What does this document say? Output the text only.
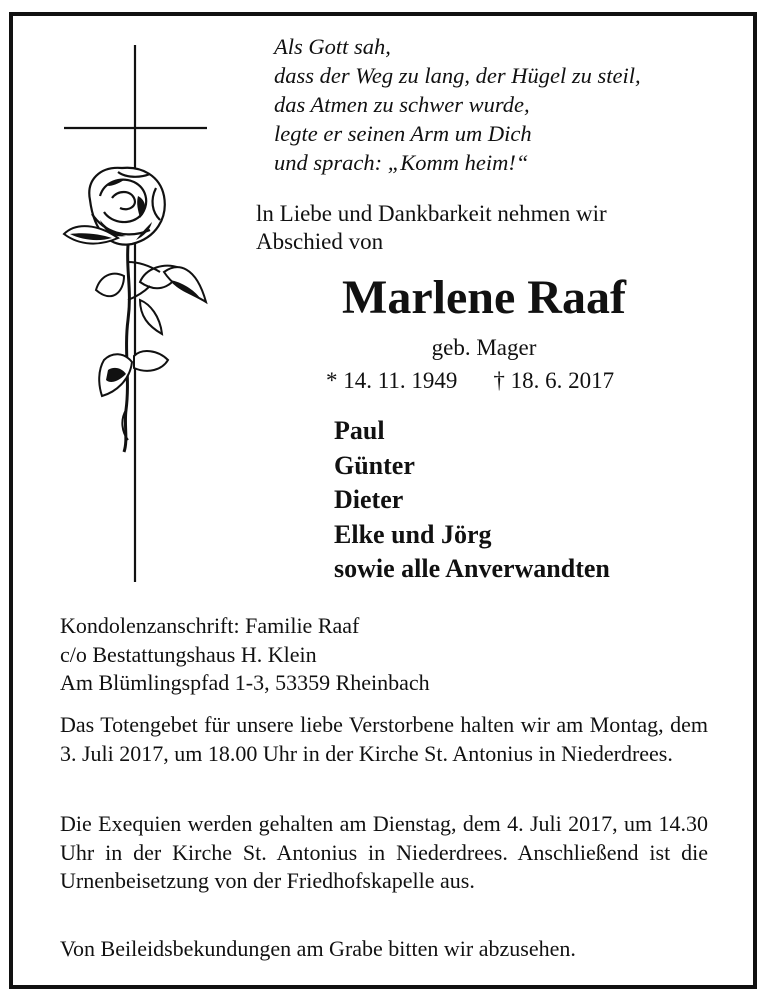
Als Gott sah,
dass der Weg zu lang, der Hügel zu steil,
das Atmen zu schwer wurde,
legte er seinen Arm um Dich
und sprach: „Komm heim!“
ln Liebe und Dankbarkeit nehmen wir
Abschied von
Marlene Raaf
geb. Mager
* 14. 11. 1949 † 18. 6. 2017
Paul
Günter
Dieter
Elke und Jörg
sowie alle Anverwandten
Kondolenzanschrift: Familie Raaf
c/o Bestattungshaus H. Klein
Am Blümlingspfad 1-3, 53359 Rheinbach
Das Totengebet für unsere liebe Verstorbene halten wir am Montag, dem 3. Juli 2017, um 18.00 Uhr in der Kirche St. Antonius in Niederdrees.
Die Exequien werden gehalten am Dienstag, dem 4. Juli 2017, um 14.30 Uhr in der Kirche St. Antonius in Niederdrees. Anschließend ist die Urnenbeisetzung von der Friedhofskapelle aus.
Von Beileidsbekundungen am Grabe bitten wir abzusehen.
